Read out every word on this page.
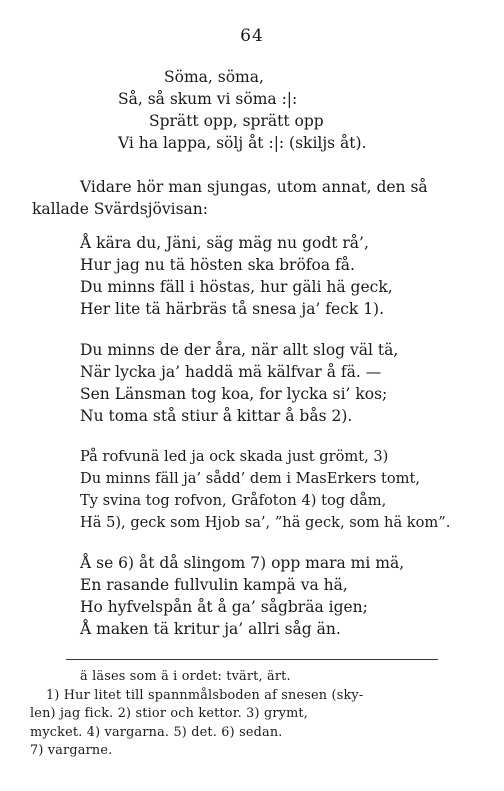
64
Söma, söma,
Så, så skum vi söma :|:
Sprätt opp, sprätt opp
Vi ha lappa, sölj åt :|: (skiljs åt).
Vidare hör man sjungas, utom annat, den så
kallade Svärdsjövisan:
Å kära du, Jäni, säg mäg nu godt rå’,
Hur jag nu tä hösten ska bröfoa få.
Du minns fäll i höstas, hur gäli hä geck,
Her lite tä härbräs tå snesa ja’ feck 1).
Du minns de der åra, när allt slog väl tä,
När lycka ja’ haddä mä kälfvar å fä. —
Sen Länsman tog koa, for lycka si’ kos;
Nu toma stå stiur å kittar å bås 2).
På rofvunä led ja ock skada just grömt, 3)
Du minns fäll ja’ sådd’ dem i MasErkers tomt,
Ty svina tog rofvon, Gråfoton 4) tog dåm,
Hä 5), geck som Hjob sa’, ”hä geck, som hä kom”.
Å se 6) åt då slingom 7) opp mara mi mä,
En rasande fullvulin kampä va hä,
Ho hyfvelspån åt å ga’ sågbräa igen;
Å maken tä kritur ja’ allri såg än.
ä läses som ä i ordet: tvärt, ärt.
1) Hur litet till spannmålsboden af snesen (sky-
len) jag fick. 2) stior och kettor. 3) grymt,
mycket. 4) vargarna. 5) det. 6) sedan.
7) vargarne.
